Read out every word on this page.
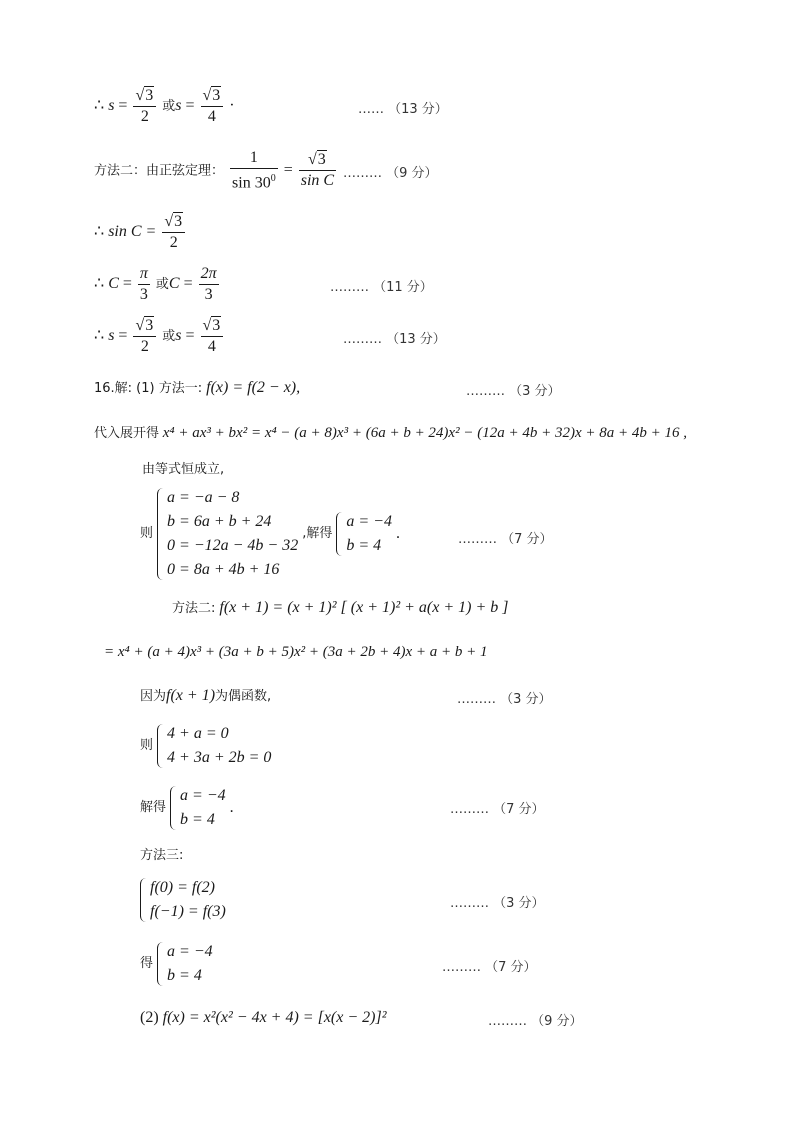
∴ $s = \frac{√3}{2}$ 或$s = \frac{√3}{4}$ ·	…… （13 分）
方法二：由正弦定理： $\frac{1}{\sin 30^0} = \frac{√3}{\text{sin C}}$ ……… （9 分）
∴ $\sin C = \frac{√3}{2}$
∴ $C = \frac{\pi}{3}$ 或$C = \frac{2\pi}{3}$	……… （11 分）
∴ $s = \frac{√3}{2}$ 或$s = \frac{√3}{4}$	……… （13 分）
16.解: (1) 方法一: f(x) = f(2 − x),	……… （3 分）
代入展开得 x⁴ + ax³ + bx² = x⁴ − (a + 8)x³ + (6a + b + 24)x² − (12a + 4b + 32)x + 8a + 4b + 16 ,
由等式恒成立,
则
a = −a − 8
b = 6a + b + 24
0 = −12a − 4b − 32
0 = 8a + 4b + 16
,解得
a = −4
b = 4
.	……… （7 分）
方法二: f(x + 1) = (x + 1)² [ (x + 1)² + a(x + 1) + b ]
= x⁴ + (a + 4)x³ + (3a + b + 5)x² + (3a + 2b + 4)x + a + b + 1
因为f(x + 1)为偶函数,	……… （3 分）
则
4 + a = 0
4 + 3a + 2b = 0
解得
a = −4
b = 4
.	……… （7 分）
方法三:
f(0) = f(2)
f(−1) = f(3)	……… （3 分）
得
a = −4
b = 4	……… （7 分）
(2) f(x) = x²(x² − 4x + 4) = [x(x − 2)]²	……… （9 分）
